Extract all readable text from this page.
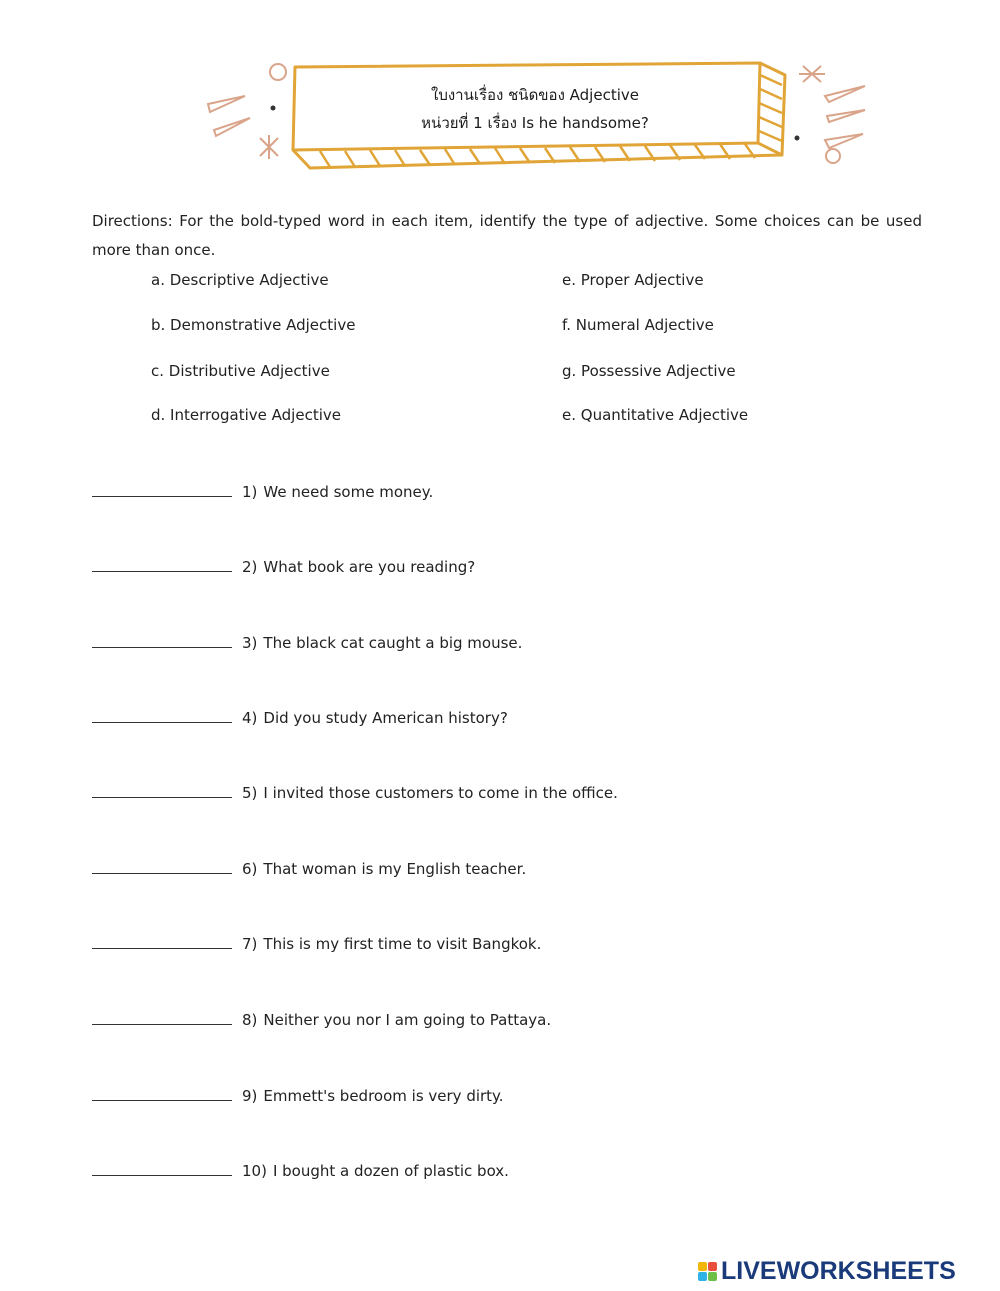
ใบงานเรื่อง ชนิดของ Adjective
หน่วยที่ 1 เรื่อง Is he handsome?
Directions: For the bold-typed word in each item, identify the type of adjective. Some choices can be used more than once.
a. Descriptive Adjective
b. Demonstrative Adjective
c. Distributive Adjective
d. Interrogative Adjective
e. Proper Adjective
f. Numeral Adjective
g. Possessive Adjective
e. Quantitative Adjective
1) We need some money.
2) What book are you reading?
3) The black cat caught a big mouse.
4) Did you study American history?
5) I invited those customers to come in the office.
6) That woman is my English teacher.
7) This is my first time to visit Bangkok.
8) Neither you nor I am going to Pattaya.
9) Emmett's bedroom is very dirty.
10) I bought a dozen of plastic box.
LIVEWORKSHEETS
